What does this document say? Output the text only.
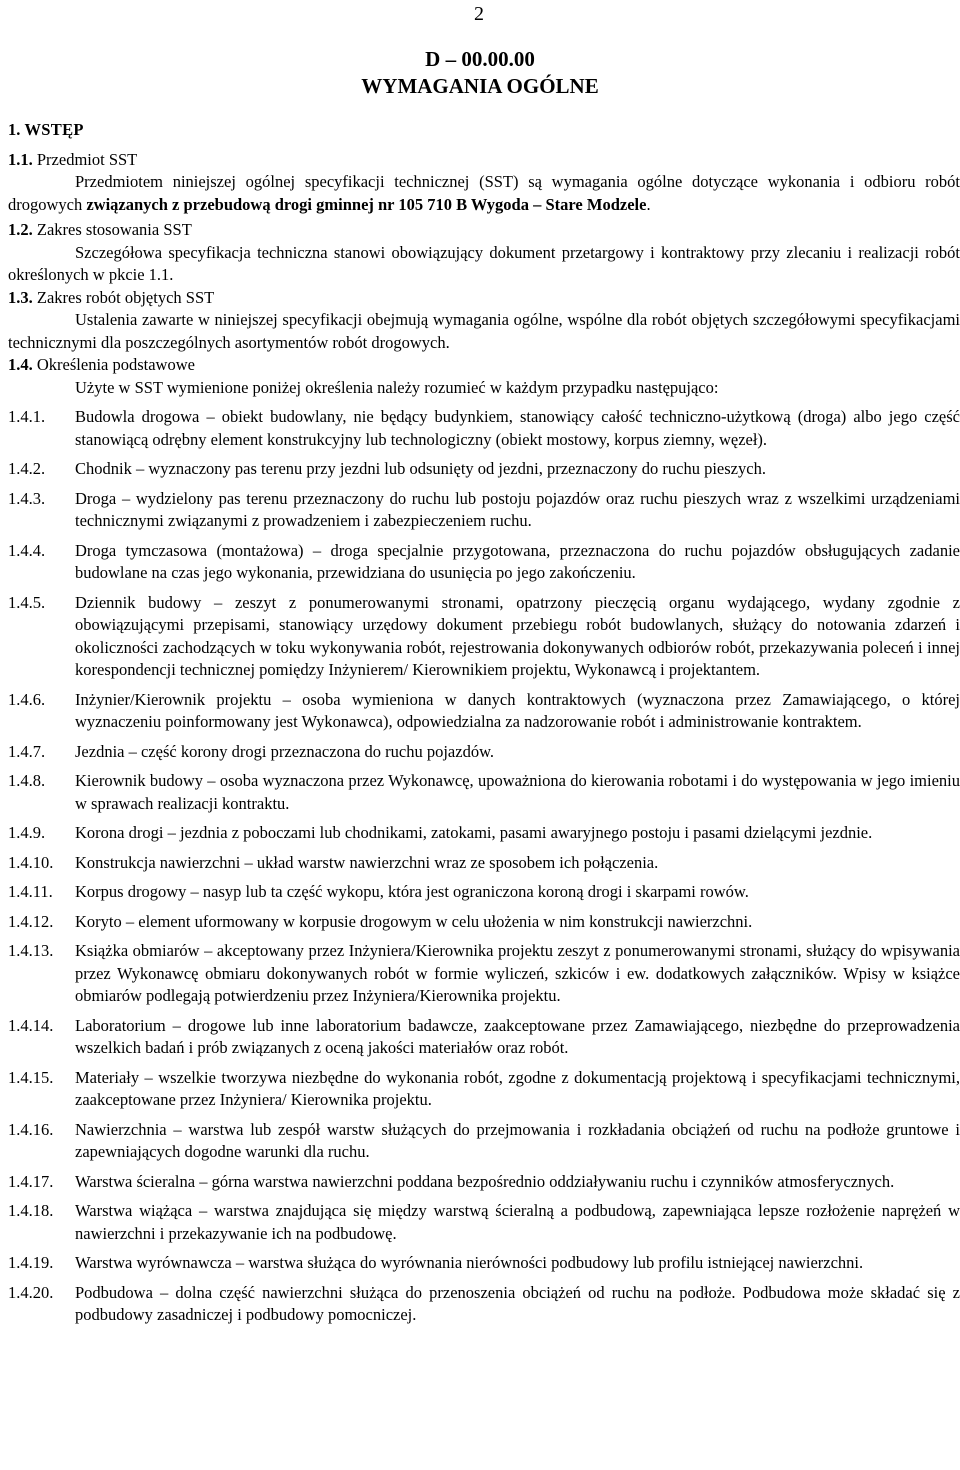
2
D – 00.00.00
WYMAGANIA OGÓLNE
1. WSTĘP
1.1. Przedmiot SST
Przedmiotem niniejszej ogólnej specyfikacji technicznej (SST) są wymagania ogólne dotyczące wykonania i odbioru robót drogowych związanych z przebudową drogi gminnej nr 105 710 B Wygoda – Stare Modzele.
1.2. Zakres stosowania SST
Szczegółowa specyfikacja techniczna stanowi obowiązujący dokument przetargowy i kontraktowy przy zlecaniu i realizacji robót określonych w pkcie 1.1.
1.3. Zakres robót objętych SST
Ustalenia zawarte w niniejszej specyfikacji obejmują wymagania ogólne, wspólne dla robót objętych szczegółowymi specyfikacjami technicznymi dla poszczególnych asortymentów robót drogowych.
1.4. Określenia podstawowe
Użyte w SST wymienione poniżej określenia należy rozumieć w każdym przypadku następująco:
1.4.1.	Budowla drogowa – obiekt budowlany, nie będący budynkiem, stanowiący całość techniczno-użytkową (droga) albo jego część stanowiącą odrębny element konstrukcyjny lub technologiczny (obiekt mostowy, korpus ziemny, węzeł).
1.4.2.	Chodnik – wyznaczony pas terenu przy jezdni lub odsunięty od jezdni, przeznaczony do ruchu pieszych.
1.4.3.	Droga – wydzielony pas terenu przeznaczony do ruchu lub postoju pojazdów oraz ruchu pieszych wraz z wszelkimi urządzeniami technicznymi związanymi z prowadzeniem i zabezpieczeniem ruchu.
1.4.4.	Droga tymczasowa (montażowa) – droga specjalnie przygotowana, przeznaczona do ruchu pojazdów obsługujących zadanie budowlane na czas jego wykonania, przewidziana do usunięcia po jego zakończeniu.
1.4.5.	Dziennik budowy – zeszyt z ponumerowanymi stronami, opatrzony pieczęcią organu wydającego, wydany zgodnie z obowiązującymi przepisami, stanowiący urzędowy dokument przebiegu robót budowlanych, służący do notowania zdarzeń i okoliczności zachodzących w toku wykonywania robót, rejestrowania dokonywanych odbiorów robót, przekazywania poleceń i innej korespondencji technicznej pomiędzy Inżynierem/ Kierownikiem projektu, Wykonawcą i projektantem.
1.4.6.	Inżynier/Kierownik projektu – osoba wymieniona w danych kontraktowych (wyznaczona przez Zamawiającego, o której wyznaczeniu poinformowany jest Wykonawca), odpowiedzialna za nadzorowanie robót i administrowanie kontraktem.
1.4.7.	Jezdnia – część korony drogi przeznaczona do ruchu pojazdów.
1.4.8.	Kierownik budowy – osoba wyznaczona przez Wykonawcę, upoważniona do kierowania robotami i do występowania w jego imieniu w sprawach realizacji kontraktu.
1.4.9.	Korona drogi – jezdnia z poboczami lub chodnikami, zatokami, pasami awaryjnego postoju i pasami dzielącymi jezdnie.
1.4.10.	Konstrukcja nawierzchni – układ warstw nawierzchni wraz ze sposobem ich połączenia.
1.4.11.	Korpus drogowy – nasyp lub ta część wykopu, która jest ograniczona koroną drogi i skarpami rowów.
1.4.12.	Koryto – element uformowany w korpusie drogowym w celu ułożenia w nim konstrukcji nawierzchni.
1.4.13.	Książka obmiarów – akceptowany przez Inżyniera/Kierownika projektu zeszyt z ponumerowanymi stronami, służący do wpisywania przez Wykonawcę obmiaru dokonywanych robót w formie wyliczeń, szkiców i ew. dodatkowych załączników. Wpisy w książce obmiarów podlegają potwierdzeniu przez Inżyniera/Kierownika projektu.
1.4.14.	Laboratorium – drogowe lub inne laboratorium badawcze, zaakceptowane przez Zamawiającego, niezbędne do przeprowadzenia wszelkich badań i prób związanych z oceną jakości materiałów oraz robót.
1.4.15.	Materiały – wszelkie tworzywa niezbędne do wykonania robót, zgodne z dokumentacją projektową i specyfikacjami technicznymi, zaakceptowane przez Inżyniera/ Kierownika projektu.
1.4.16.	Nawierzchnia – warstwa lub zespół warstw służących do przejmowania i rozkładania obciążeń od ruchu na podłoże gruntowe i zapewniających dogodne warunki dla ruchu.
1.4.17.	Warstwa ścieralna – górna warstwa nawierzchni poddana bezpośrednio oddziaływaniu ruchu i czynników atmosferycznych.
1.4.18.	Warstwa wiążąca – warstwa znajdująca się między warstwą ścieralną a podbudową, zapewniająca lepsze rozłożenie naprężeń w nawierzchni i przekazywanie ich na podbudowę.
1.4.19.	Warstwa wyrównawcza – warstwa służąca do wyrównania nierówności podbudowy lub profilu istniejącej nawierzchni.
1.4.20.	Podbudowa – dolna część nawierzchni służąca do przenoszenia obciążeń od ruchu na podłoże. Podbudowa może składać się z podbudowy zasadniczej i podbudowy pomocniczej.
